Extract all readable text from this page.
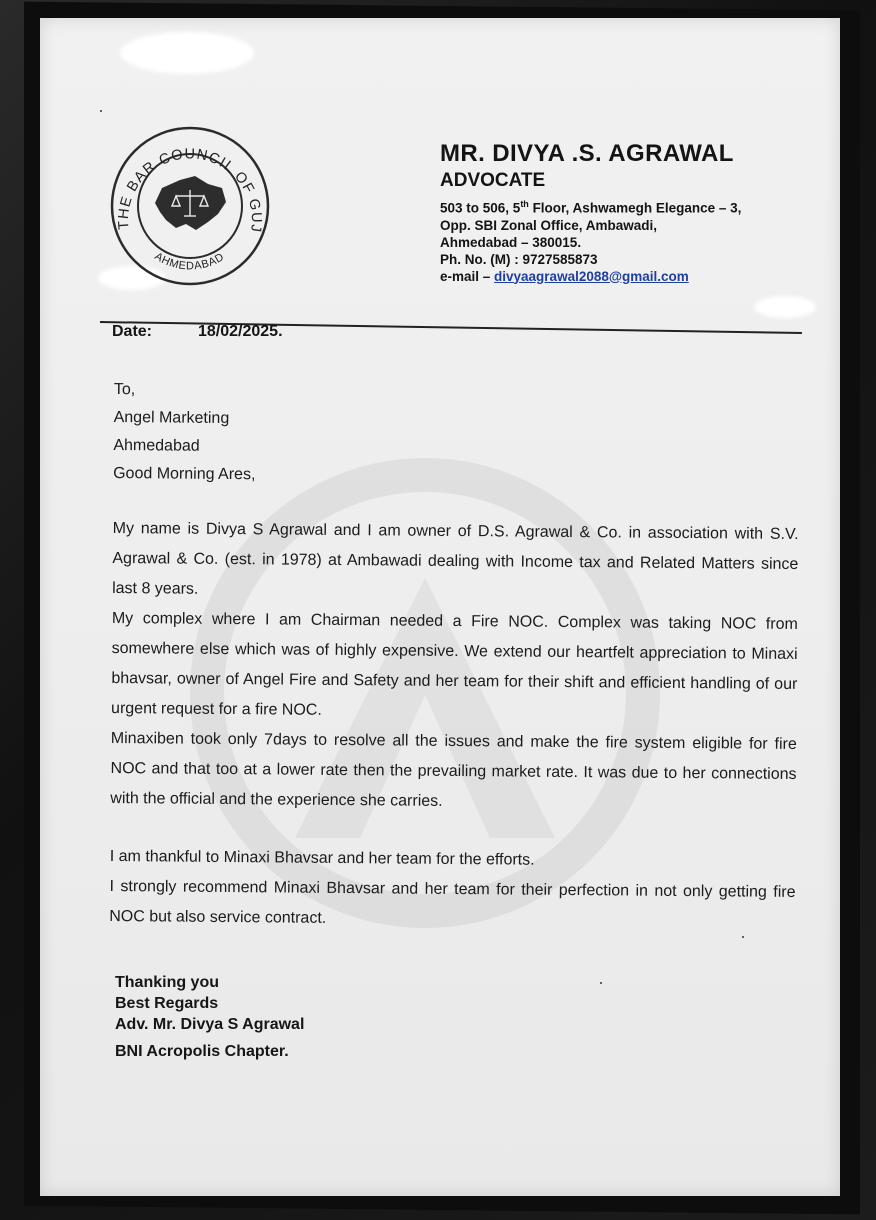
THE BAR COUNCIL OF GUJ
AHMEDABAD
MR. DIVYA .S. AGRAWAL
ADVOCATE
503 to 506, 5th Floor, Ashwamegh Elegance – 3,
Opp. SBI Zonal Office, Ambawadi,
Ahmedabad – 380015.
Ph. No. (M) : 9727585873
e-mail – divyaagrawal2088@gmail.com
Date:	18/02/2025.
To,
Angel Marketing
Ahmedabad
Good Morning Ares,
My name is Divya S Agrawal and I am owner of D.S. Agrawal & Co. in association with S.V. Agrawal & Co. (est. in 1978) at Ambawadi dealing with Income tax and Related Matters since last 8 years.
My complex where I am Chairman needed a Fire NOC. Complex was taking NOC from somewhere else which was of highly expensive. We extend our heartfelt appreciation to Minaxi bhavsar, owner of Angel Fire and Safety and her team for their shift and efficient handling of our urgent request for a fire NOC.
Minaxiben took only 7days to resolve all the issues and make the fire system eligible for fire NOC and that too at a lower rate then the prevailing market rate. It was due to her connections with the official and the experience she carries.
I am thankful to Minaxi Bhavsar and her team for the efforts.
I strongly recommend Minaxi Bhavsar and her team for their perfection in not only getting fire NOC but also service contract.
Thanking you
Best Regards
Adv. Mr. Divya S Agrawal
BNI Acropolis Chapter.
